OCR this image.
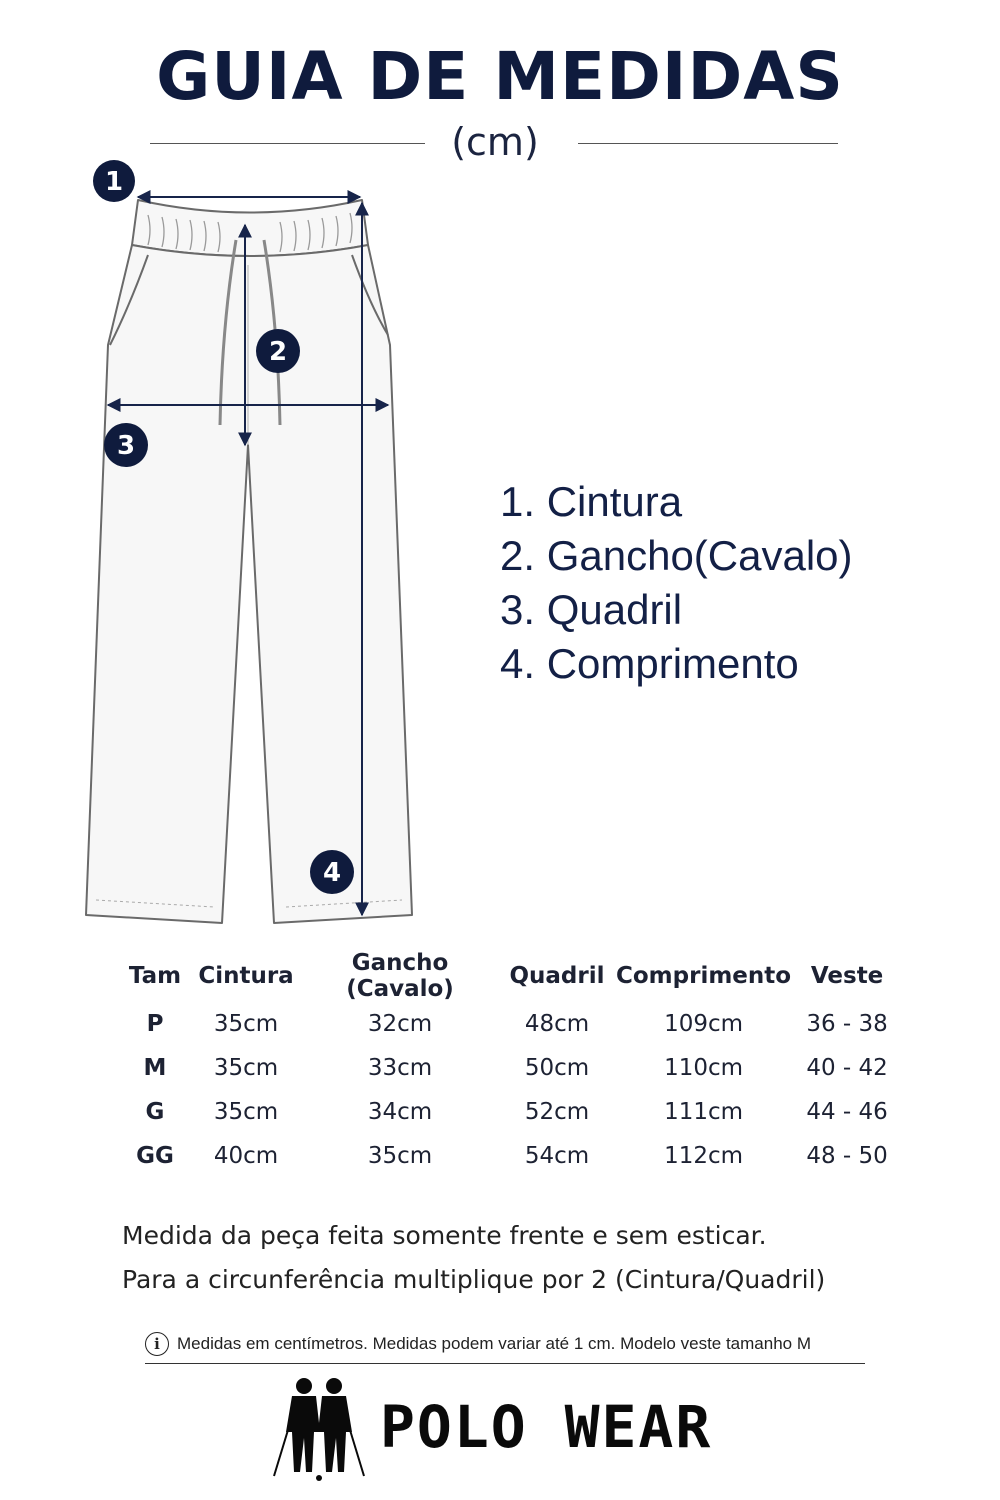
GUIA DE MEDIDAS
(cm)
1
2
3
4
1. Cintura
2. Gancho(Cavalo)
3. Quadril
4. Comprimento
Tam	Cintura	Gancho (Cavalo)	Quadril	Comprimento	Veste
P	35cm	32cm	48cm	109cm	36 - 38
M	35cm	33cm	50cm	110cm	40 - 42
G	35cm	34cm	52cm	111cm	44 - 46
GG	40cm	35cm	54cm	112cm	48 - 50
Medida da peça feita somente frente e sem esticar.
Para a circunferência multiplique por 2 (Cintura/Quadril)
i	Medidas em centímetros. Medidas podem variar até 1 cm. Modelo veste tamanho M
POLO WEAR
